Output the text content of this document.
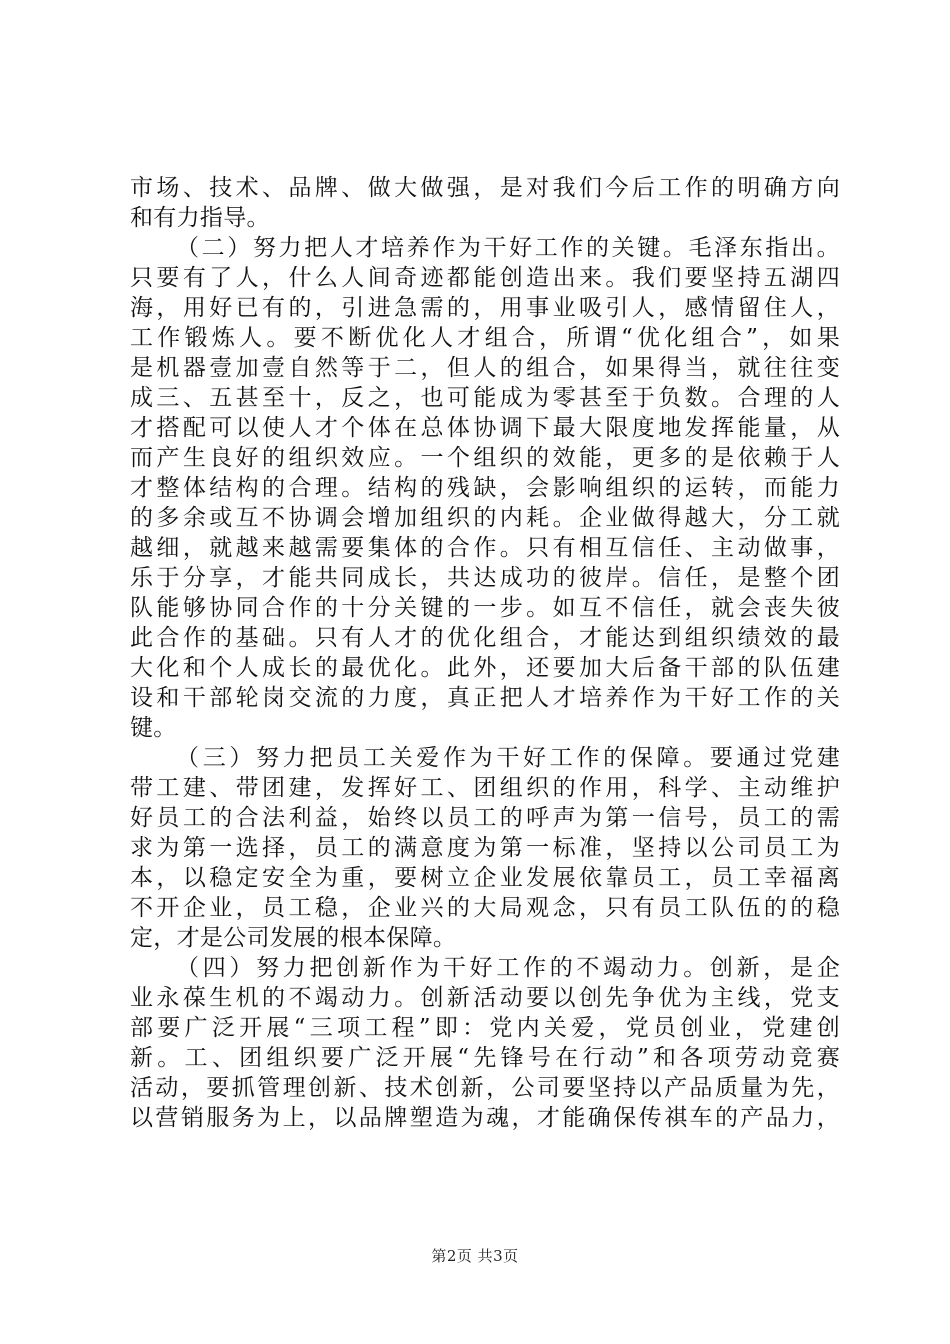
市场、技术、品牌、做大做强，是对我们今后工作的明确方向
和有力指导。
（二）努力把人才培养作为干好工作的关键。毛泽东指出。
只要有了人，什么人间奇迹都能创造出来。我们要坚持五湖四
海，用好已有的，引进急需的，用事业吸引人，感情留住人，
工作锻炼人。要不断优化人才组合，所谓“优化组合”，如果
是机器壹加壹自然等于二，但人的组合，如果得当，就往往变
成三、五甚至十，反之，也可能成为零甚至于负数。合理的人
才搭配可以使人才个体在总体协调下最大限度地发挥能量，从
而产生良好的组织效应。一个组织的效能，更多的是依赖于人
才整体结构的合理。结构的残缺，会影响组织的运转，而能力
的多余或互不协调会增加组织的内耗。企业做得越大，分工就
越细，就越来越需要集体的合作。只有相互信任、主动做事，
乐于分享，才能共同成长，共达成功的彼岸。信任，是整个团
队能够协同合作的十分关键的一步。如互不信任，就会丧失彼
此合作的基础。只有人才的优化组合，才能达到组织绩效的最
大化和个人成长的最优化。此外，还要加大后备干部的队伍建
设和干部轮岗交流的力度，真正把人才培养作为干好工作的关
键。
（三）努力把员工关爱作为干好工作的保障。要通过党建
带工建、带团建，发挥好工、团组织的作用，科学、主动维护
好员工的合法利益，始终以员工的呼声为第一信号，员工的需
求为第一选择，员工的满意度为第一标准，坚持以公司员工为
本，以稳定安全为重，要树立企业发展依靠员工，员工幸福离
不开企业，员工稳，企业兴的大局观念，只有员工队伍的的稳
定，才是公司发展的根本保障。
（四）努力把创新作为干好工作的不竭动力。创新，是企
业永葆生机的不竭动力。创新活动要以创先争优为主线，党支
部要广泛开展“三项工程”即：党内关爱，党员创业，党建创
新。工、团组织要广泛开展“先锋号在行动”和各项劳动竞赛
活动，要抓管理创新、技术创新，公司要坚持以产品质量为先，
以营销服务为上，以品牌塑造为魂，才能确保传祺车的产品力，
第2页 共3页
